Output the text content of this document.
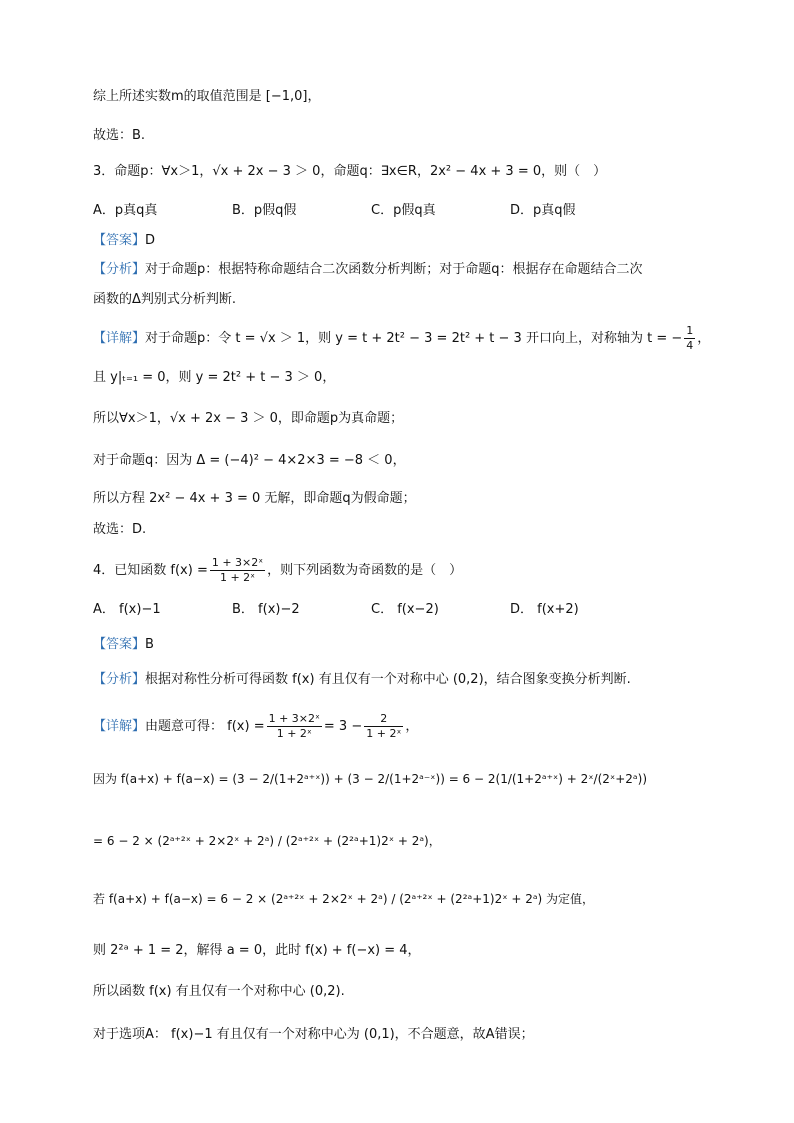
综上所述实数m的取值范围是 [−1,0]，
故选：B.
3．命题p：∀x＞1，√x + 2x − 3 ＞ 0，命题q：∃x∈R，2x² − 4x + 3 = 0，则（　）
A．p真q真	B．p假q假	C．p假q真	D．p真q假
【答案】D
【分析】对于命题p：根据特称命题结合二次函数分析判断；对于命题q：根据存在命题结合二次
函数的Δ判别式分析判断.
【详解】对于命题p：令 t = √x ＞ 1，则 y = t + 2t² − 3 = 2t² + t − 3 开口向上，对称轴为 t = − $\frac{1}{4}$ ，
且 y|ₜ₌₁ = 0，则 y = 2t² + t − 3 ＞ 0，
所以∀x＞1，√x + 2x − 3 ＞ 0，即命题p为真命题；
对于命题q：因为 Δ = (−4)² − 4×2×3 = −8 ＜ 0，
所以方程 2x² − 4x + 3 = 0 无解，即命题q为假命题；
故选：D.
4．已知函数 $f(x) = \frac{\text{1 + 3×2ˣ}}{\text{1 + 2ˣ}}$ ，则下列函数为奇函数的是（　）
A． f(x)−1	B． f(x)−2	C． f(x−2)	D． f(x+2)
【答案】B
【分析】根据对称性分析可得函数 f(x) 有且仅有一个对称中心 (0,2)，结合图象变换分析判断.
【详解】由题意可得： $f(x) = \frac{\text{1 + 3×2ˣ}}{\text{1 + 2ˣ}} = 3 - \frac{2}{\text{1 + 2ˣ}}$ ，
因为 f(a+x) + f(a−x) = (3 − 2/(1+2ᵃ⁺ˣ)) + (3 − 2/(1+2ᵃ⁻ˣ)) = 6 − 2(1/(1+2ᵃ⁺ˣ) + 2ˣ/(2ˣ+2ᵃ))
= 6 − 2 × (2ᵃ⁺²ˣ + 2×2ˣ + 2ᵃ) / (2ᵃ⁺²ˣ + (2²ᵃ+1)2ˣ + 2ᵃ)，
若 f(a+x) + f(a−x) = 6 − 2 × (2ᵃ⁺²ˣ + 2×2ˣ + 2ᵃ) / (2ᵃ⁺²ˣ + (2²ᵃ+1)2ˣ + 2ᵃ) 为定值，
则 2²ᵃ + 1 = 2，解得 a = 0，此时 f(x) + f(−x) = 4，
所以函数 f(x) 有且仅有一个对称中心 (0,2).
对于选项A： f(x)−1 有且仅有一个对称中心为 (0,1)，不合题意，故A错误；
